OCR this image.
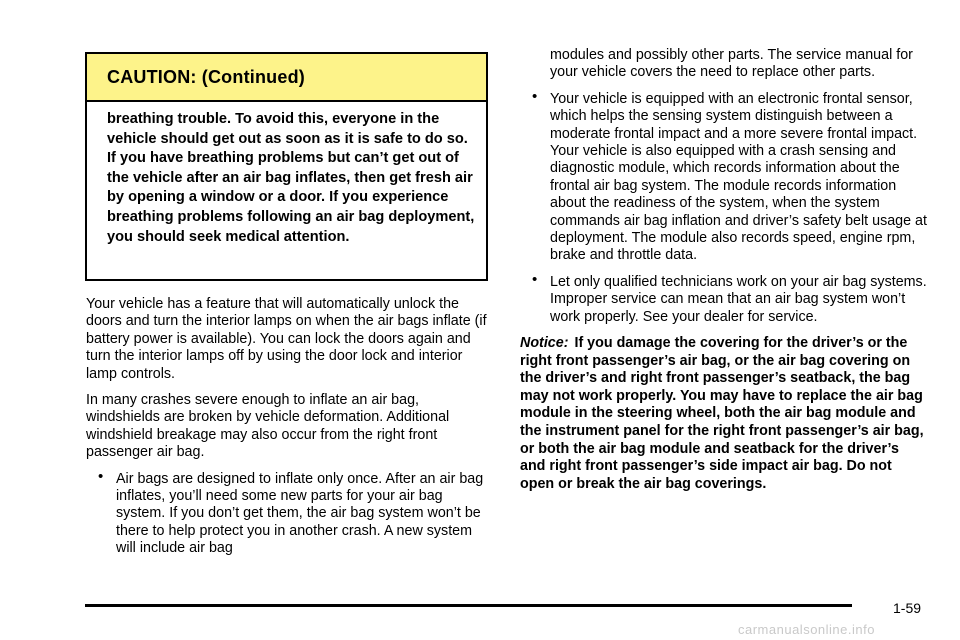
CAUTION: (Continued)
breathing trouble. To avoid this, everyone in the vehicle should get out as soon as it is safe to do so. If you have breathing problems but can’t get out of the vehicle after an air bag inflates, then get fresh air by opening a window or a door. If you experience breathing problems following an air bag deployment, you should seek medical attention.

Your vehicle has a feature that will automatically unlock the doors and turn the interior lamps on when the air bags inflate (if battery power is available). You can lock the doors again and turn the interior lamps off by using the door lock and interior lamp controls.

In many crashes severe enough to inflate an air bag, windshields are broken by vehicle deformation. Additional windshield breakage may also occur from the right front passenger air bag.

• Air bags are designed to inflate only once. After an air bag inflates, you’ll need some new parts for your air bag system. If you don’t get them, the air bag system won’t be there to help protect you in another crash. A new system will include air bag
modules and possibly other parts. The service manual for your vehicle covers the need to replace other parts.
• Your vehicle is equipped with an electronic frontal sensor, which helps the sensing system distinguish between a moderate frontal impact and a more severe frontal impact. Your vehicle is also equipped with a crash sensing and diagnostic module, which records information about the frontal air bag system. The module records information about the readiness of the system, when the system commands air bag inflation and driver’s safety belt usage at deployment. The module also records speed, engine rpm, brake and throttle data.
• Let only qualified technicians work on your air bag systems. Improper service can mean that an air bag system won’t work properly. See your dealer for service.
Notice: If you damage the covering for the driver’s or the right front passenger’s air bag, or the air bag covering on the driver’s and right front passenger’s seatback, the bag may not work properly. You may have to replace the air bag module in the steering wheel, both the air bag module and the instrument panel for the right front passenger’s air bag, or both the air bag module and seatback for the driver’s and right front passenger’s side impact air bag. Do not open or break the air bag coverings.
1-59
carmanualsonline.info
